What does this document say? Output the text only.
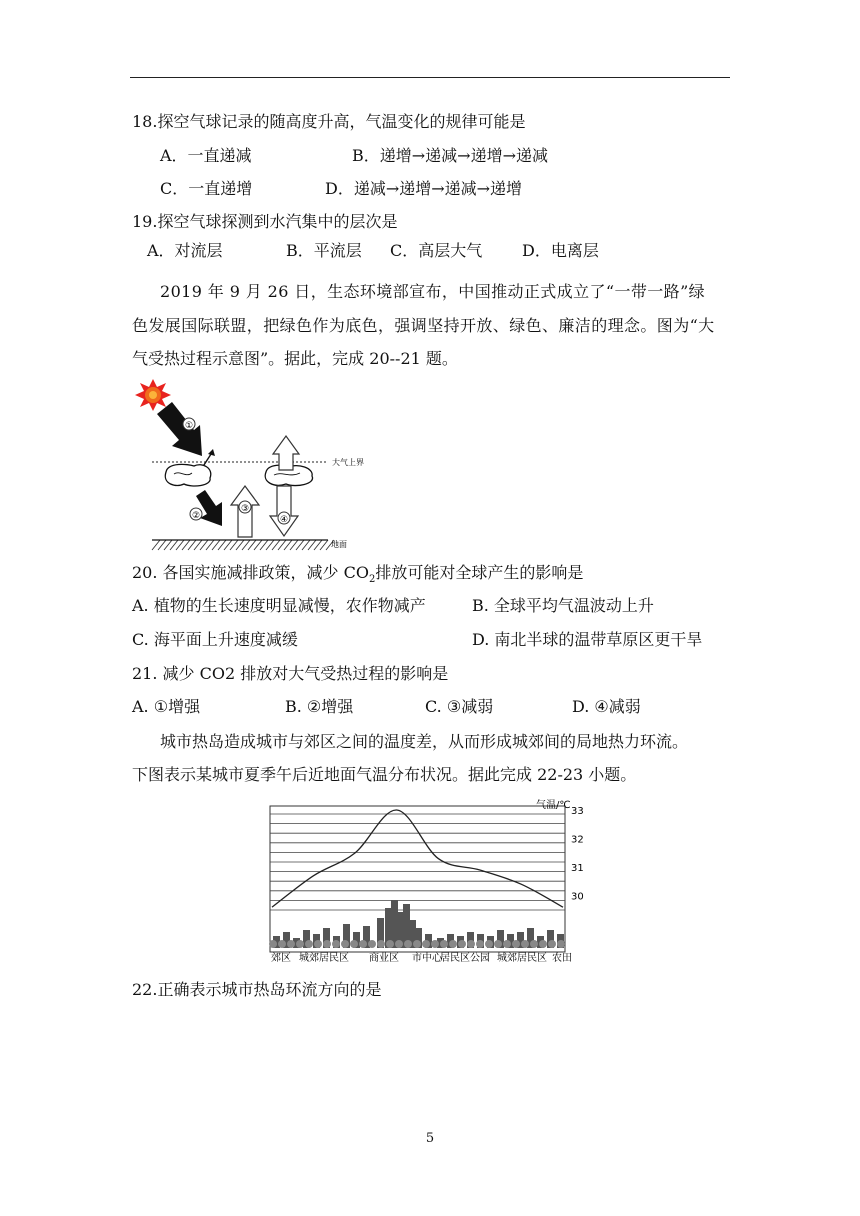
18.探空气球记录的随高度升高，气温变化的规律可能是
A．一直递减	B．递增→递减→递增→递减
C．一直递增	D．递减→递增→递减→递增
19.探空气球探测到水汽集中的层次是
A．对流层	B．平流层 C．高层大气 D．电离层
2019 年 9 月 26 日，生态环境部宣布，中国推动正式成立了“一带一路”绿
色发展国际联盟，把绿色作为底色，强调坚持开放、绿色、廉洁的理念。图为“大
气受热过程示意图”。据此，完成 20--21 题。
①
大气上界
②
③
④
地面
20. 各国实施减排政策，减少 $CO_2$排放可能对全球产生的影响是
A. 植物的生长速度明显减慢，农作物减产	B. 全球平均气温波动上升
C. 海平面上升速度减缓	D. 南北半球的温带草原区更干旱
21. 减少 CO2 排放对大气受热过程的影响是
A. ①增强	B. ②增强	C. ③减弱	D. ④减弱
城市热岛造成城市与郊区之间的温度差，从而形成城郊间的局地热力环流。
下图表示某城市夏季午后近地面气温分布状况。据此完成 22-23 小题。
气温/℃
33
32
31
30
郊区 城郊居民区 商业区 市中心
居民区 公园 城郊居民区 农田
22.正确表示城市热岛环流方向的是
5
